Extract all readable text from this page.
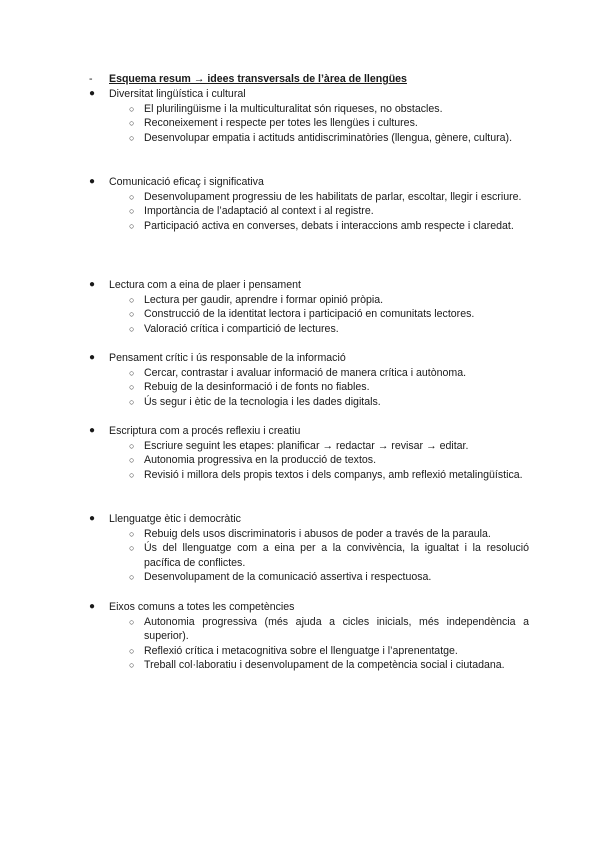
- Esquema resum → idees transversals de l’àrea de llengües
●	Diversitat lingüística i cultural
○ El plurilingüisme i la multiculturalitat són riqueses, no obstacles.
○ Reconeixement i respecte per totes les llengües i cultures.
○ Desenvolupar empatia i actituds antidiscriminatòries (llengua, gènere, cultura).
●	Comunicació eficaç i significativa
○ Desenvolupament progressiu de les habilitats de parlar, escoltar, llegir i escriure.
○ Importància de l’adaptació al context i al registre.
○ Participació activa en converses, debats i interaccions amb respecte i claredat.
●	Lectura com a eina de plaer i pensament
○ Lectura per gaudir, aprendre i formar opinió pròpia.
○ Construcció de la identitat lectora i participació en comunitats lectores.
○ Valoració crítica i compartició de lectures.
●	Pensament crític i ús responsable de la informació
○ Cercar, contrastar i avaluar informació de manera crítica i autònoma.
○ Rebuig de la desinformació i de fonts no fiables.
○ Ús segur i ètic de la tecnologia i les dades digitals.
●	Escriptura com a procés reflexiu i creatiu
○ Escriure seguint les etapes: planificar → redactar → revisar → editar.
○ Autonomia progressiva en la producció de textos.
○ Revisió i millora dels propis textos i dels companys, amb reflexió metalingüística.
●	Llenguatge ètic i democràtic
○ Rebuig dels usos discriminatoris i abusos de poder a través de la paraula.
○ Ús del llenguatge com a eina per a la convivència, la igualtat i la resolució pacífica de conflictes.
○ Desenvolupament de la comunicació assertiva i respectuosa.
●	Eixos comuns a totes les competències
○ Autonomia progressiva (més ajuda a cicles inicials, més independència a superior).
○ Reflexió crítica i metacognitiva sobre el llenguatge i l’aprenentatge.
○ Treball col·laboratiu i desenvolupament de la competència social i ciutadana.
